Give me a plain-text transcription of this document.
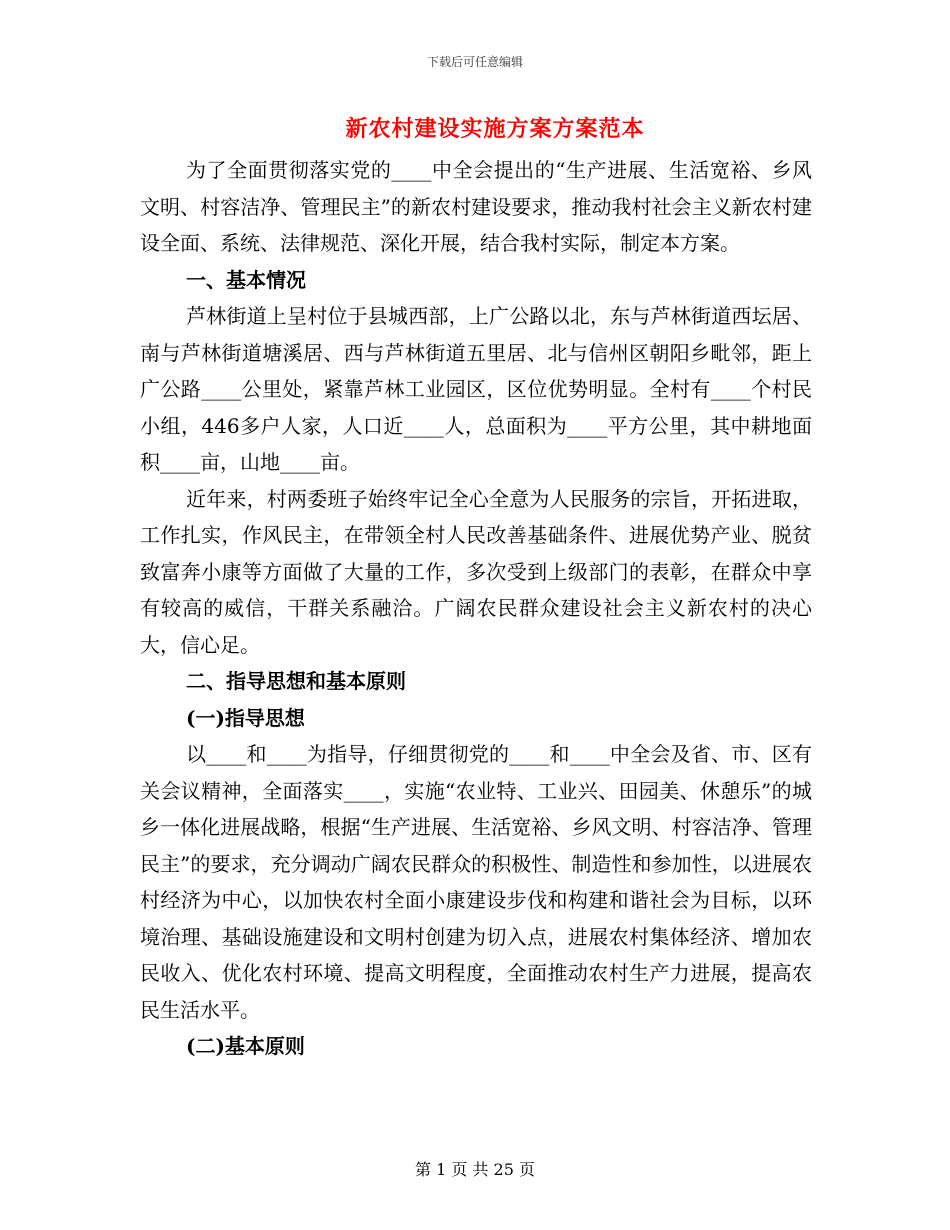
下载后可任意编辑
新农村建设实施方案方案范本

为了全面贯彻落实党的____中全会提出的“生产进展、生活宽裕、乡风文明、村容洁净、管理民主”的新农村建设要求，推动我村社会主义新农村建设全面、系统、法律规范、深化开展，结合我村实际，制定本方案。

一、基本情况

芦林街道上呈村位于县城西部，上广公路以北，东与芦林街道西坛居、南与芦林街道塘溪居、西与芦林街道五里居、北与信州区朝阳乡毗邻，距上广公路____公里处，紧靠芦林工业园区，区位优势明显。全村有____个村民小组，446多户人家，人口近____人，总面积为____平方公里，其中耕地面积____亩，山地____亩。

近年来，村两委班子始终牢记全心全意为人民服务的宗旨，开拓进取，工作扎实，作风民主，在带领全村人民改善基础条件、进展优势产业、脱贫致富奔小康等方面做了大量的工作，多次受到上级部门的表彰，在群众中享有较高的威信，干群关系融洽。广阔农民群众建设社会主义新农村的决心大，信心足。

二、指导思想和基本原则

(一)指导思想

以____和____为指导，仔细贯彻党的____和____中全会及省、市、区有关会议精神，全面落实____，实施“农业特、工业兴、田园美、休憩乐”的城乡一体化进展战略，根据“生产进展、生活宽裕、乡风文明、村容洁净、管理民主”的要求，充分调动广阔农民群众的积极性、制造性和参加性，以进展农村经济为中心，以加快农村全面小康建设步伐和构建和谐社会为目标，以环境治理、基础设施建设和文明村创建为切入点，进展农村集体经济、增加农民收入、优化农村环境、提高文明程度，全面推动农村生产力进展，提高农民生活水平。

(二)基本原则

第 1 页 共 25 页
